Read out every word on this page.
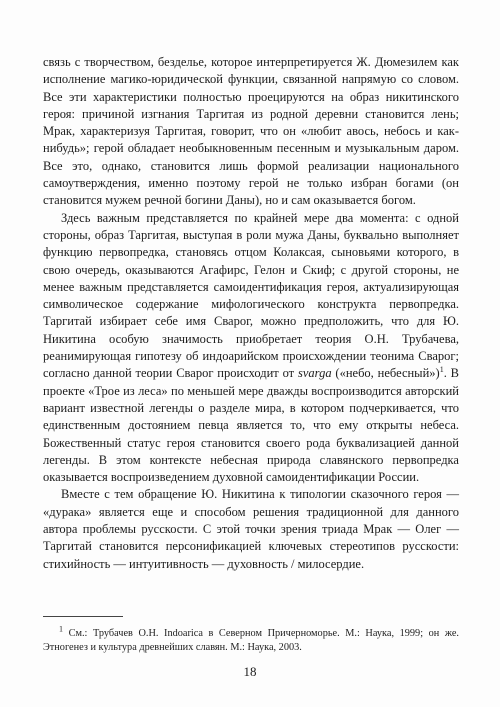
связь с творчеством, безделье, которое интерпретируется Ж. Дюмезилем как исполнение магико-юридической функции, связанной напрямую со словом. Все эти характеристики полностью проецируются на образ никитинского героя: причиной изгнания Таргитая из родной деревни становится лень; Мрак, характеризуя Таргитая, говорит, что он «любит авось, небось и как-нибудь»; герой обладает необыкновенным песенным и музыкальным даром. Все это, однако, становится лишь формой реализации национального самоутверждения, именно поэтому герой не только избран богами (он становится мужем речной богини Даны), но и сам оказывается богом.

Здесь важным представляется по крайней мере два момента: с одной стороны, образ Таргитая, выступая в роли мужа Даны, буквально выполняет функцию первопредка, становясь отцом Колаксая, сыновьями которого, в свою очередь, оказываются Агафирс, Гелон и Скиф; с другой стороны, не менее важным представляется самоидентификация героя, актуализирующая символическое содержание мифологического конструкта первопредка. Таргитай избирает себе имя Сварог, можно предположить, что для Ю. Никитина особую значимость приобретает теория О.Н. Трубачева, реанимирующая гипотезу об индоарийском происхождении теонима Сварог; согласно данной теории Сварог происходит от svarga («небо, небесный»)$^1$. В проекте «Трое из леса» по меньшей мере дважды воспроизводится авторский вариант известной легенды о разделе мира, в котором подчеркивается, что единственным достоянием певца является то, что ему открыты небеса. Божественный статус героя становится своего рода буквализацией данной легенды. В этом контексте небесная природа славянского первопредка оказывается воспроизведением духовной самоидентификации России.

Вместе с тем обращение Ю. Никитина к типологии сказочного героя — «дурака» является еще и способом решения традиционной для данного автора проблемы русскости. С этой точки зрения триада Мрак — Олег — Таргитай становится персонификацией ключевых стереотипов русскости: стихийность — интуитивность — духовность / милосердие.

$^1$ См.: Трубачев О.Н. Indoarica в Северном Причерноморье. М.: Наука, 1999; он же. Этногенез и культура древнейших славян. М.: Наука, 2003.
18
